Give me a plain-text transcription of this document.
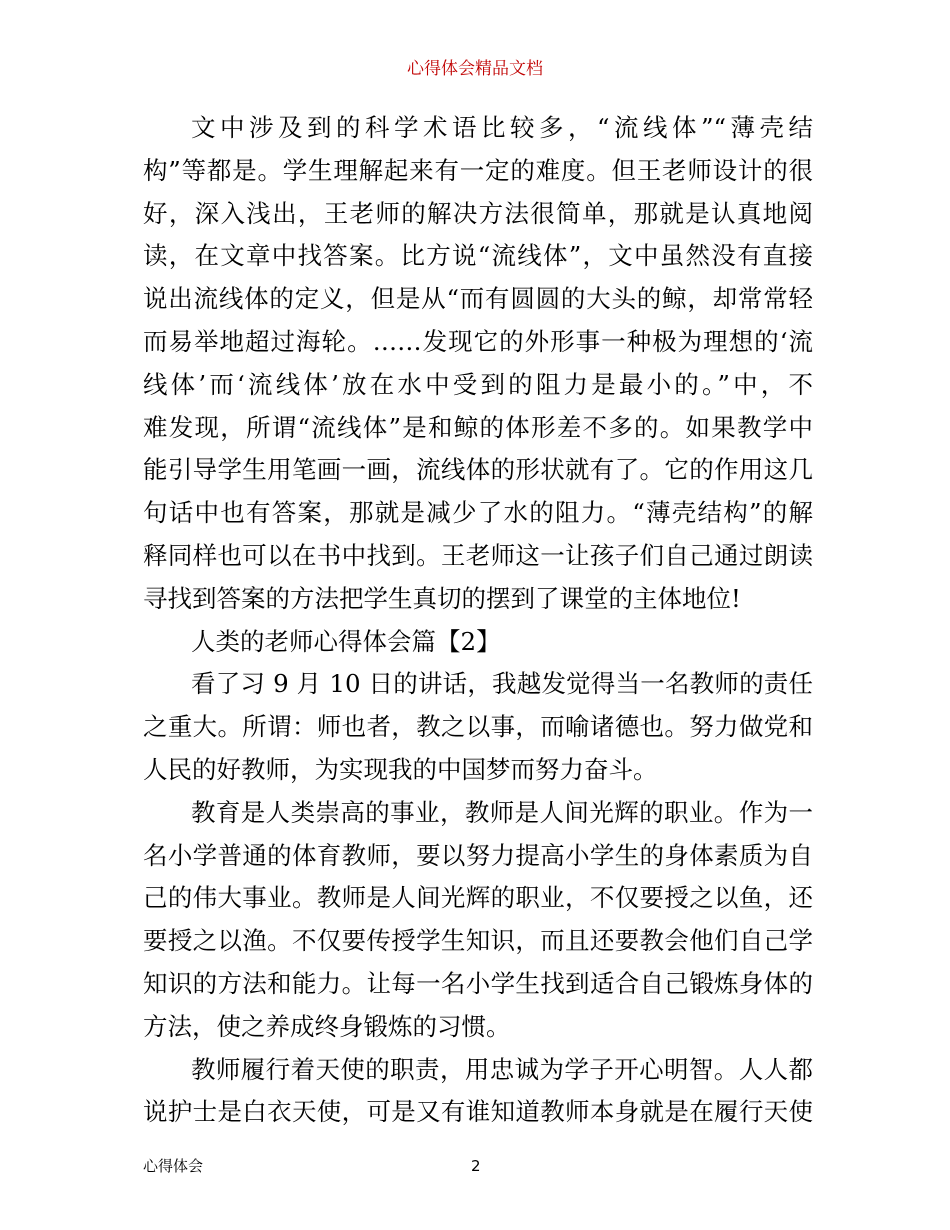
心得体会精品文档
文中涉及到的科学术语比较多，“流线体”“薄壳结
构”等都是。学生理解起来有一定的难度。但王老师设计的很
好，深入浅出，王老师的解决方法很简单，那就是认真地阅
读，在文章中找答案。比方说“流线体”，文中虽然没有直接
说出流线体的定义，但是从“而有圆圆的大头的鲸，却常常轻
而易举地超过海轮。……发现它的外形事一种极为理想的‘流
线体’而‘流线体’放在水中受到的阻力是最小的。”中，不
难发现，所谓“流线体”是和鲸的体形差不多的。如果教学中
能引导学生用笔画一画，流线体的形状就有了。它的作用这几
句话中也有答案，那就是减少了水的阻力。“薄壳结构”的解
释同样也可以在书中找到。王老师这一让孩子们自己通过朗读
寻找到答案的方法把学生真切的摆到了课堂的主体地位!
人类的老师心得体会篇【2】
看了习 9 月 10 日的讲话，我越发觉得当一名教师的责任
之重大。所谓：师也者，教之以事，而喻诸德也。努力做党和
人民的好教师，为实现我的中国梦而努力奋斗。
教育是人类崇高的事业，教师是人间光辉的职业。作为一
名小学普通的体育教师，要以努力提高小学生的身体素质为自
己的伟大事业。教师是人间光辉的职业，不仅要授之以鱼，还
要授之以渔。不仅要传授学生知识，而且还要教会他们自己学
知识的方法和能力。让每一名小学生找到适合自己锻炼身体的
方法，使之养成终身锻炼的习惯。
教师履行着天使的职责，用忠诚为学子开心明智。人人都
说护士是白衣天使，可是又有谁知道教师本身就是在履行天使
心得体会	2
